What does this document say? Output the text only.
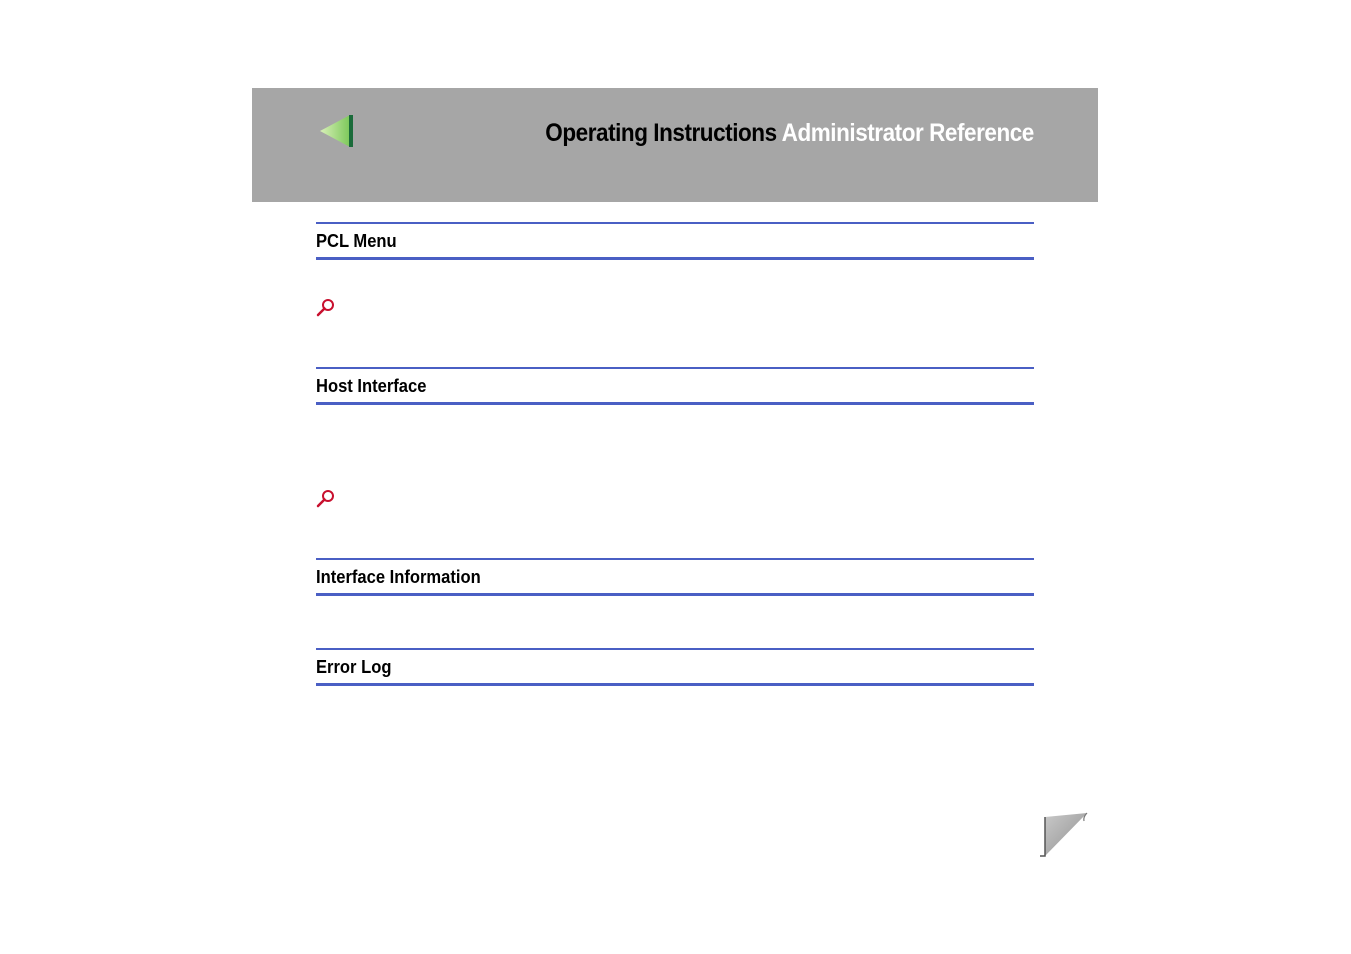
Operating Instructions Administrator Reference
PCL Menu
Host Interface
Interface Information
Error Log
